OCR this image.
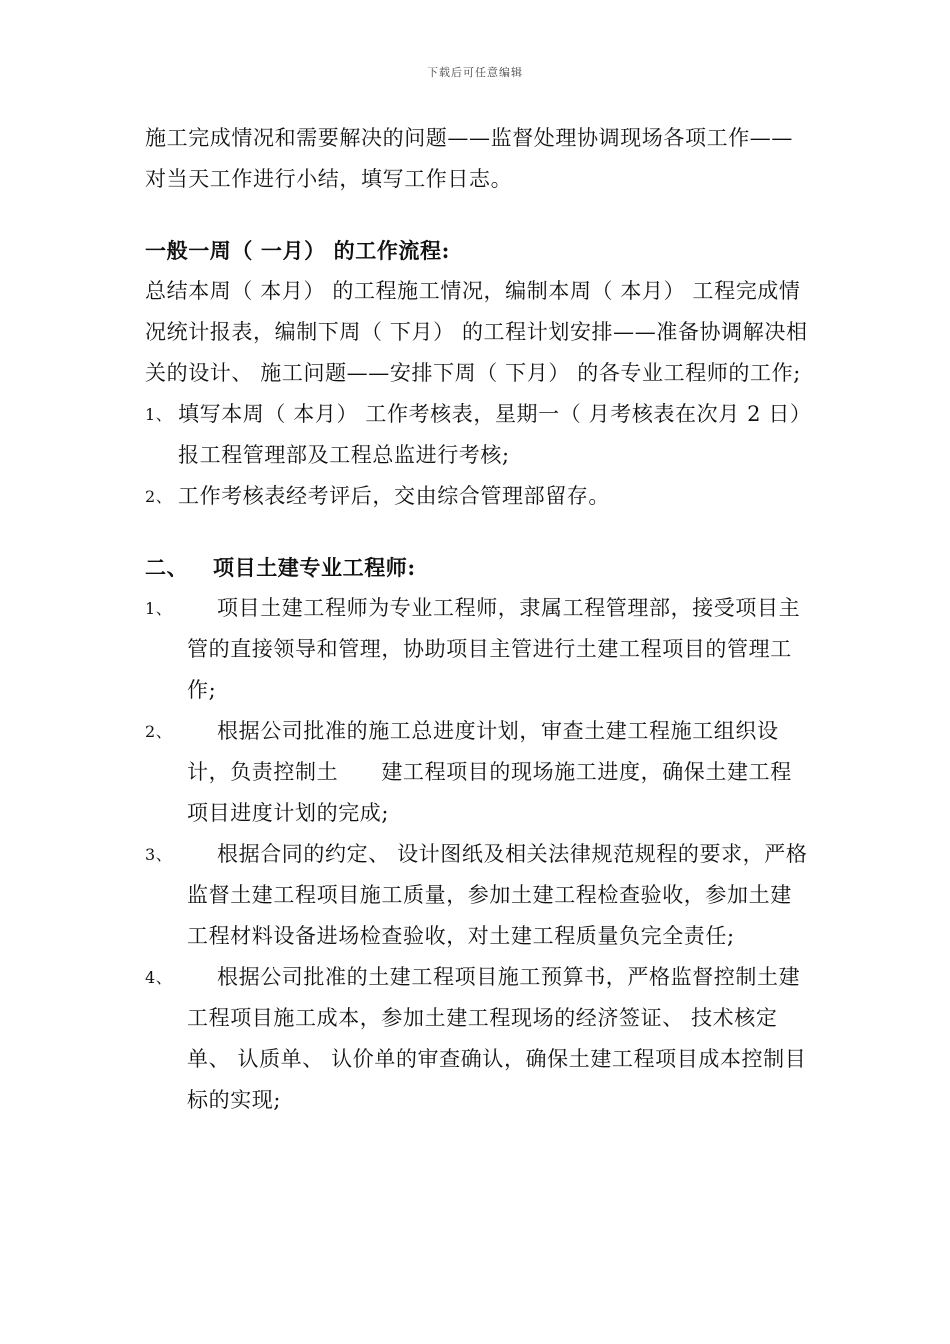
下载后可任意编辑

施工完成情况和需要解决的问题——监督处理协调现场各项工作——对当天工作进行小结，填写工作日志。

一般一周（ 一月） 的工作流程:

总结本周（ 本月） 的工程施工情况，编制本周（ 本月） 工程完成情况统计报表，编制下周（ 下月） 的工程计划安排——准备协调解决相关的设计、 施工问题——安排下周（ 下月） 的各专业工程师的工作;

1、 填写本周（ 本月） 工作考核表，星期一（ 月考核表在次月 2 日）报工程管理部及工程总监进行考核;

2、 工作考核表经考评后，交由综合管理部留存。

二、	项目土建专业工程师:
1、	项目土建工程师为专业工程师，隶属工程管理部，接受项目主管的直接领导和管理，协助项目主管进行土建工程项目的管理工作;

2、	根据公司批准的施工总进度计划，审查土建工程施工组织设计，负责控制土　　建工程项目的现场施工进度，确保土建工程项目进度计划的完成;

3、	根据合同的约定、 设计图纸及相关法律规范规程的要求，严格监督土建工程项目施工质量，参加土建工程检查验收，参加土建工程材料设备进场检查验收，对土建工程质量负完全责任;

4、	根据公司批准的土建工程项目施工预算书，严格监督控制土建工程项目施工成本，参加土建工程现场的经济签证、 技术核定单、 认质单、 认价单的审查确认，确保土建工程项目成本控制目标的实现;
